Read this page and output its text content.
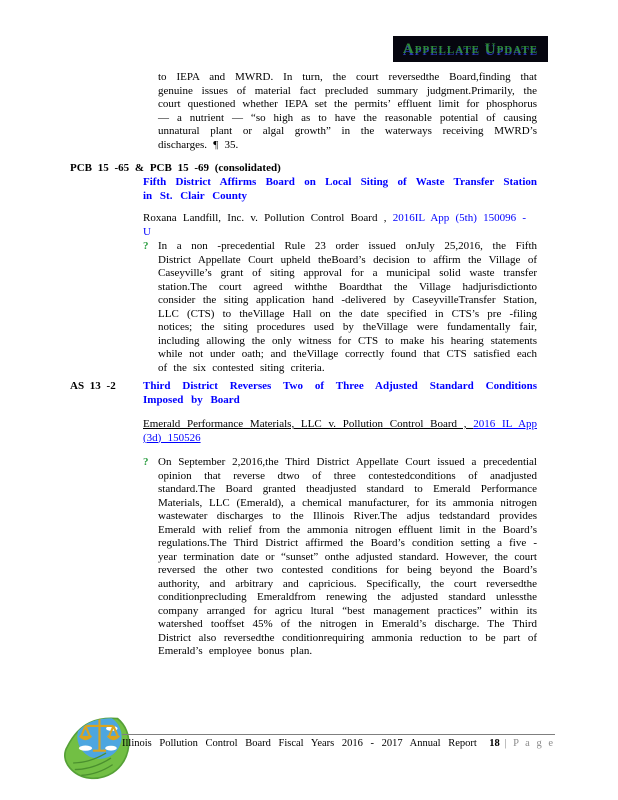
Appellate Update

to IEPA and MWRD. In turn, the court reversedthe Board,finding that genuine issues of material fact precluded summary judgment.Primarily, the court questioned whether IEPA set the permits’ effluent limit for phosphorus — a nutrient — “so high as to have the reasonable potential of causing unnatural plant or algal growth” in the waterways receiving MWRD’s discharges. ¶ 35.

PCB 15 -65 & PCB 15 -69 (consolidated)

Fifth District Affirms Board on Local Siting of Waste Transfer Station in St. Clair County

Roxana Landfill, Inc. v. Pollution Control Board , 2016IL App (5th) 150096 - U

? In a non -precedential Rule 23 order issued onJuly 25,2016, the Fifth District Appellate Court upheld theBoard’s decision to affirm the Village of Caseyville’s grant of siting approval for a municipal solid waste transfer station.The court agreed withthe Boardthat the Village hadjurisdictionto consider the siting application hand -delivered by CaseyvilleTransfer Station, LLC (CTS) to theVillage Hall on the date specified in CTS’s pre -filing notices; the siting procedures used by theVillage were fundamentally fair, including allowing the only witness for CTS to make his hearing statements while not under oath; and theVillage correctly found that CTS satisfied each of the six contested siting criteria.
AS 13 -2 Third District Reverses Two of Three Adjusted Standard Conditions Imposed by Board

Emerald Performance Materials, LLC v. Pollution Control Board , 2016 IL App (3d) 150526

? On September 2,2016,the Third District Appellate Court issued a precedential opinion that reverse dtwo of three contestedconditions of anadjusted standard.The Board granted theadjusted standard to Emerald Performance Materials, LLC (Emerald), a chemical manufacturer, for its ammonia nitrogen wastewater discharges to the Illinois River.The adjus tedstandard provides Emerald with relief from the ammonia nitrogen effluent limit in the Board’s regulations.The Third District affirmed the Board’s condition setting a five -year termination date or “sunset” onthe adjusted standard. However, the court reversed the other two contested conditions for being beyond the Board’s authority, and arbitrary and capricious. Specifically, the court reversedthe conditionprecluding Emeraldfrom renewing the adjusted standard unlessthe company arranged for agricu ltural “best management practices” within its watershed tooffset 45% of the nitrogen in Emerald’s discharge. The Third District also reversedthe conditionrequiring ammonia reduction to be part of Emerald’s employee bonus plan.
Illinois Pollution Control Board Fiscal Years 2016 - 2017 Annual Report 18 | P a g e
